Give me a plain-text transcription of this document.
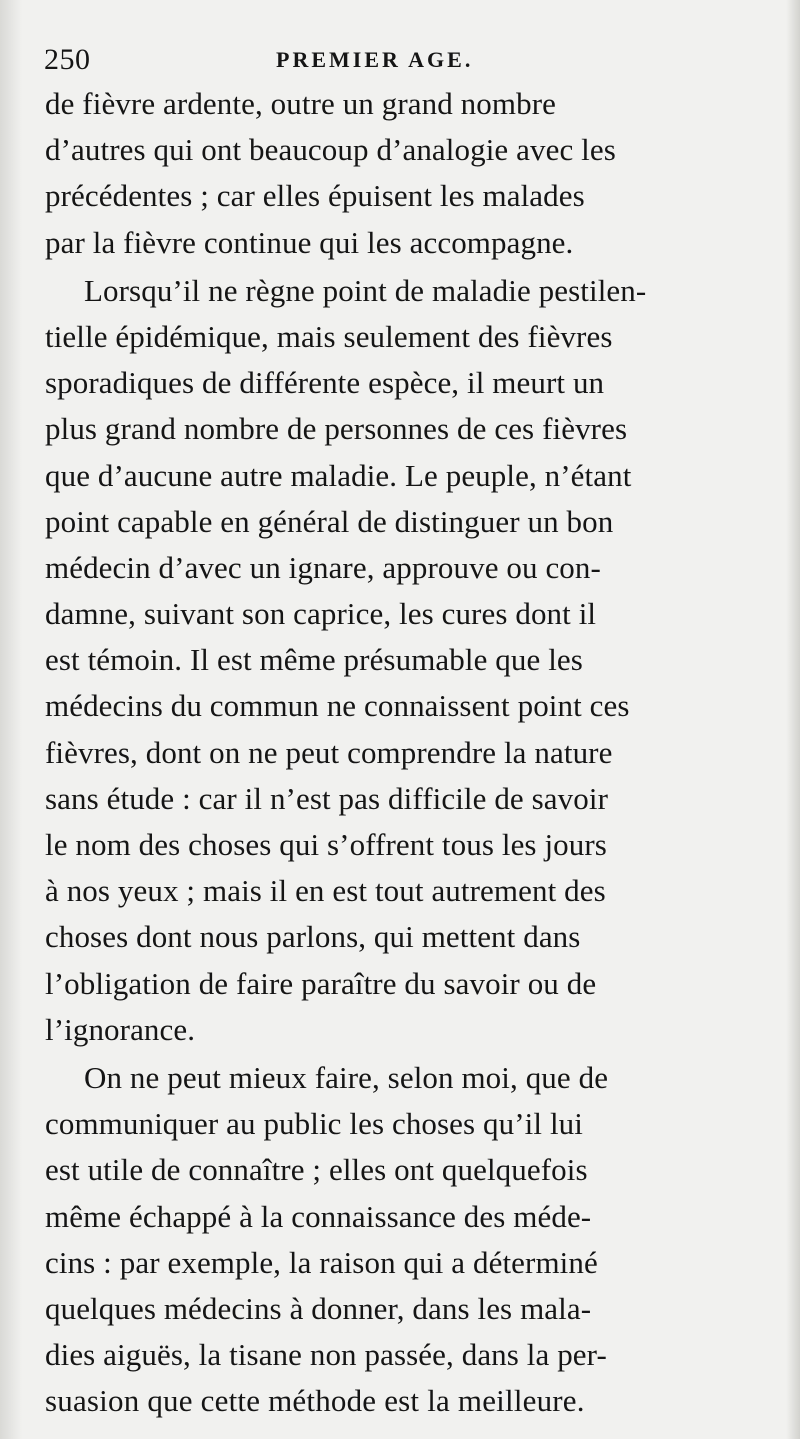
250	PREMIER AGE.
de fièvre ardente, outre un grand nombre
d’autres qui ont beaucoup d’analogie avec les
précédentes ; car elles épuisent les malades
par la fièvre continue qui les accompagne.
Lorsqu’il ne règne point de maladie pestilen-
tielle épidémique, mais seulement des fièvres
sporadiques de différente espèce, il meurt un
plus grand nombre de personnes de ces fièvres
que d’aucune autre maladie. Le peuple, n’étant
point capable en général de distinguer un bon
médecin d’avec un ignare, approuve ou con-
damne, suivant son caprice, les cures dont il
est témoin. Il est même présumable que les
médecins du commun ne connaissent point ces
fièvres, dont on ne peut comprendre la nature
sans étude : car il n’est pas difficile de savoir
le nom des choses qui s’offrent tous les jours
à nos yeux ; mais il en est tout autrement des
choses dont nous parlons, qui mettent dans
l’obligation de faire paraître du savoir ou de
l’ignorance.
On ne peut mieux faire, selon moi, que de
communiquer au public les choses qu’il lui
est utile de connaître ; elles ont quelquefois
même échappé à la connaissance des méde-
cins : par exemple, la raison qui a déterminé
quelques médecins à donner, dans les mala-
dies aiguës, la tisane non passée, dans la per-
suasion que cette méthode est la meilleure.
